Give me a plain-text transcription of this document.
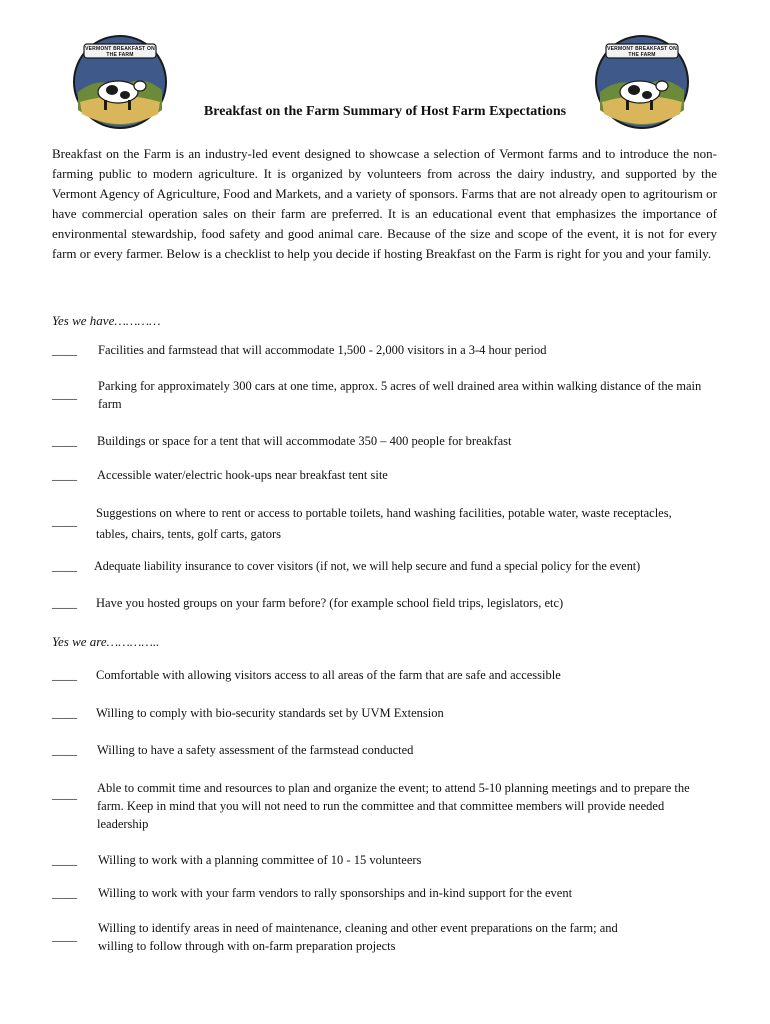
VERMONT BREAKFAST ON THE FARM
VERMONT BREAKFAST ON THE FARM
Breakfast on the Farm Summary of Host Farm Expectations
Breakfast on the Farm is an industry-led event designed to showcase a selection of Vermont farms and to introduce the non-farming public to modern agriculture. It is organized by volunteers from across the dairy industry, and supported by the Vermont Agency of Agriculture, Food and Markets, and a variety of sponsors. Farms that are not already open to agritourism or have commercial operation sales on their farm are preferred. It is an educational event that emphasizes the importance of environmental stewardship, food safety and good animal care. Because of the size and scope of the event, it is not for every farm or every farmer. Below is a checklist to help you decide if hosting Breakfast on the Farm is right for you and your family.
Yes we have…………
____	Facilities and farmstead that will accommodate 1,500 - 2,000 visitors in a 3-4 hour period
____
Parking for approximately 300 cars at one time, approx. 5 acres of well drained area within walking distance of the main farm
____	Buildings or space for a tent that will accommodate 350 – 400 people for breakfast
____	Accessible water/electric hook-ups near breakfast tent site
____
Suggestions on where to rent or access to portable toilets, hand washing facilities, potable water, waste receptacles, tables, chairs, tents, golf carts, gators
____	Adequate liability insurance to cover visitors (if not, we will help secure and fund a special policy for the event)
____	Have you hosted groups on your farm before? (for example school field trips, legislators, etc)
Yes we are…………..
____	Comfortable with allowing visitors access to all areas of the farm that are safe and accessible
____	Willing to comply with bio-security standards set by UVM Extension
____	Willing to have a safety assessment of the farmstead conducted
____	Able to commit time and resources to plan and organize the event; to attend 5-10 planning meetings and to prepare the farm. Keep in mind that you will not need to run the committee and that committee members will provide needed leadership
____	Willing to work with a planning committee of 10 - 15 volunteers
____	Willing to work with your farm vendors to rally sponsorships and in-kind support for the event
____
Willing to identify areas in need of maintenance, cleaning and other event preparations on the farm; and willing to follow through with on-farm preparation projects
